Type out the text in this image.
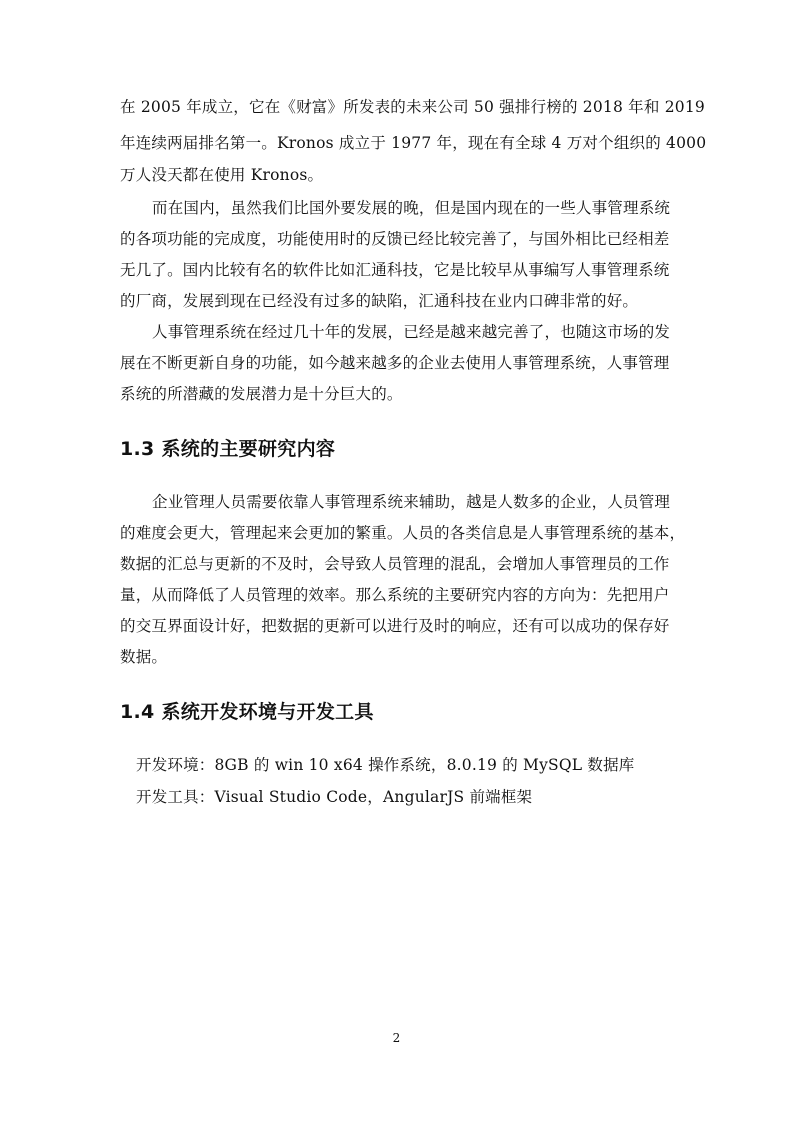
在 2005 年成立，它在《财富》所发表的未来公司 50 强排行榜的 2018 年和 2019
年连续两届排名第一。Kronos 成立于 1977 年，现在有全球 4 万对个组织的 4000
万人没天都在使用 Kronos。
而在国内，虽然我们比国外要发展的晚，但是国内现在的一些人事管理系统
的各项功能的完成度，功能使用时的反馈已经比较完善了，与国外相比已经相差
无几了。国内比较有名的软件比如汇通科技，它是比较早从事编写人事管理系统
的厂商，发展到现在已经没有过多的缺陷，汇通科技在业内口碑非常的好。
人事管理系统在经过几十年的发展，已经是越来越完善了，也随这市场的发
展在不断更新自身的功能，如今越来越多的企业去使用人事管理系统，人事管理
系统的所潜藏的发展潜力是十分巨大的。
1.3 系统的主要研究内容
企业管理人员需要依靠人事管理系统来辅助，越是人数多的企业，人员管理
的难度会更大，管理起来会更加的繁重。人员的各类信息是人事管理系统的基本，
数据的汇总与更新的不及时，会导致人员管理的混乱，会增加人事管理员的工作
量，从而降低了人员管理的效率。那么系统的主要研究内容的方向为：先把用户
的交互界面设计好，把数据的更新可以进行及时的响应，还有可以成功的保存好
数据。
1.4 系统开发环境与开发工具
开发环境：8GB 的 win 10 x64 操作系统，8.0.19 的 MySQL 数据库
开发工具：Visual Studio Code，AngularJS 前端框架
2
